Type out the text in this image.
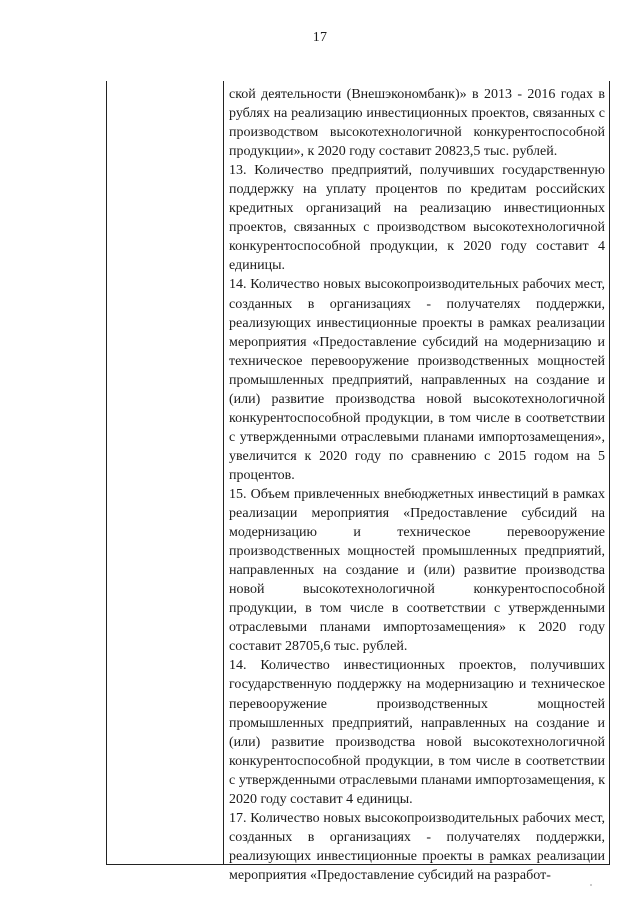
17

ской деятельности (Внешэкономбанк)» в 2013 - 2016 годах в рублях на реализацию инвестиционных проектов, связанных с производством высокотехнологичной конкурентоспособной продукции», к 2020 году составит 20823,5 тыс. рублей.

13. Количество предприятий, получивших государственную поддержку на уплату процентов по кредитам российских кредитных организаций на реализацию инвестиционных проектов, связанных с производством высокотехнологичной конкурентоспособной продукции, к 2020 году составит 4 единицы.

14. Количество новых высокопроизводительных рабочих мест, созданных в организациях - получателях поддержки, реализующих инвестиционные проекты в рамках реализации мероприятия «Предоставление субсидий на модернизацию и техническое перевооружение производственных мощностей промышленных предприятий, направленных на создание и (или) развитие производства новой высокотехнологичной конкурентоспособной продукции, в том числе в соответствии с утвержденными отраслевыми планами импортозамещения», увеличится к 2020 году по сравнению с 2015 годом на 5 процентов.

15. Объем привлеченных внебюджетных инвестиций в рамках реализации мероприятия «Предоставление субсидий на модернизацию и техническое перевооружение производственных мощностей промышленных предприятий, направленных на создание и (или) развитие производства новой высокотехнологичной конкурентоспособной продукции, в том числе в соответствии с утвержденными отраслевыми планами импортозамещения» к 2020 году составит 28705,6 тыс. рублей.

14. Количество инвестиционных проектов, получивших государственную поддержку на модернизацию и техническое перевооружение производственных мощностей промышленных предприятий, направленных на создание и (или) развитие производства новой высокотехнологичной конкурентоспособной продукции, в том числе в соответствии с утвержденными отраслевыми планами импортозамещения, к 2020 году составит 4 единицы.

17. Количество новых высокопроизводительных рабочих мест, созданных в организациях - получателях поддержки, реализующих инвестиционные проекты в рамках реализации мероприятия «Предоставление субсидий на разработ-
